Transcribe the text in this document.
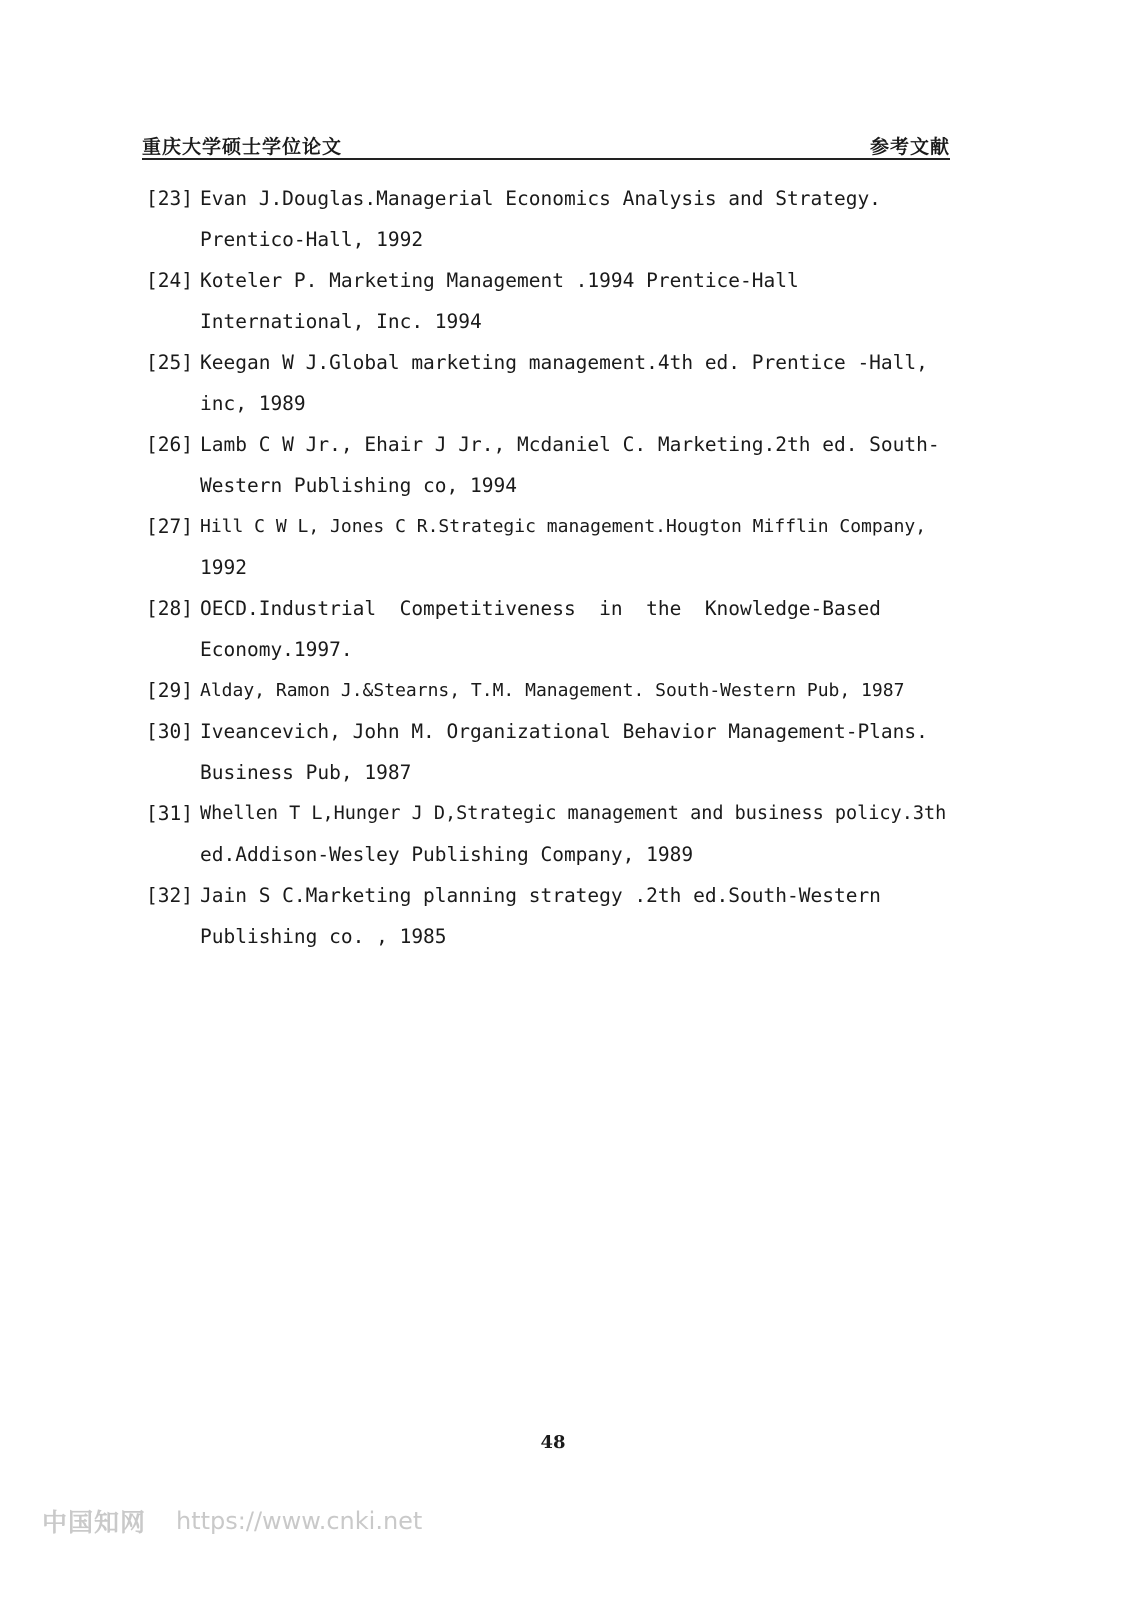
重庆大学硕士学位论文	参考文献
[23] Evan J.Douglas.Managerial Economics Analysis and Strategy.
Prentico-Hall, 1992
[24] Koteler P. Marketing Management .1994 Prentice-Hall
International, Inc. 1994
[25] Keegan W J.Global marketing management.4th ed. Prentice -Hall,
inc, 1989
[26] Lamb C W Jr., Ehair J Jr., Mcdaniel C. Marketing.2th ed. South-
Western Publishing co, 1994
[27] Hill C W L, Jones C R.Strategic management.Hougton Mifflin Company,
1992
[28] OECD.Industrial  Competitiveness  in  the  Knowledge-Based
Economy.1997.
[29] Alday, Ramon J.&Stearns, T.M. Management. South-Western Pub, 1987
[30] Iveancevich, John M. Organizational Behavior Management-Plans.
Business Pub, 1987
[31] Whellen T L,Hunger J D,Strategic management and business policy.3th
ed.Addison-Wesley Publishing Company, 1989
[32] Jain S C.Marketing planning strategy .2th ed.South-Western
Publishing co. , 1985
48
中国知网 https://www.cnki.net
